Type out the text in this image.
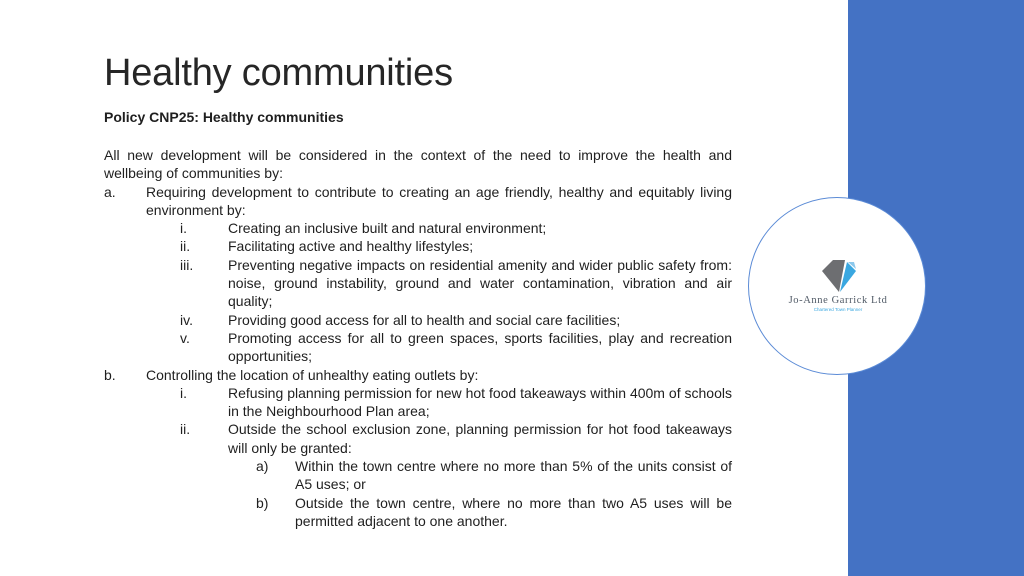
Jo-Anne Garrick Ltd
Chartered Town Planner
Healthy communities
Policy CNP25: Healthy communities

All new development will be considered in the context of the need to improve the health and wellbeing of communities by:

a.	Requiring development to contribute to creating an age friendly, healthy and equitably living environment by:
i.	Creating an inclusive built and natural environment;
ii.	Facilitating active and healthy lifestyles;
iii.	Preventing negative impacts on residential amenity and wider public safety from: noise, ground instability, ground and water contamination, vibration and air quality;
iv.	Providing good access for all to health and social care facilities;
v.	Promoting access for all to green spaces, sports facilities, play and recreation opportunities;
b.	Controlling the location of unhealthy eating outlets by:
i.	Refusing planning permission for new hot food takeaways within 400m of schools in the Neighbourhood Plan area;
ii.	Outside the school exclusion zone, planning permission for hot food takeaways will only be granted:
a)	Within the town centre where no more than 5% of the units consist of A5 uses; or
b)	Outside the town centre, where no more than two A5 uses will be permitted adjacent to one another.
